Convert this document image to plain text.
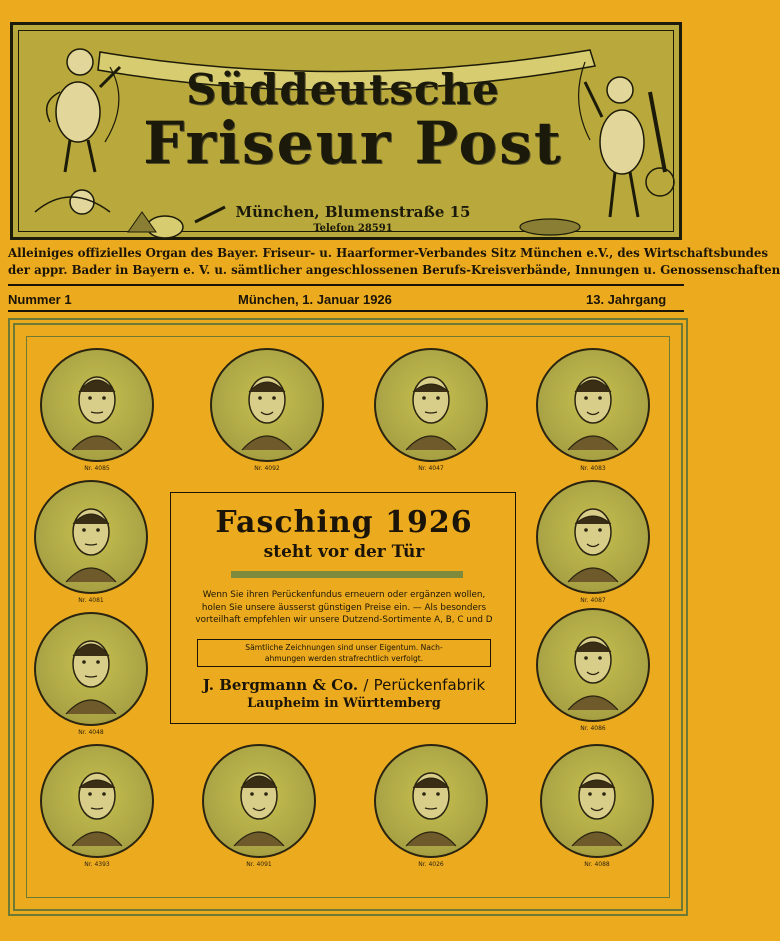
Süddeutsche
Friseur Post
München, Blumenstraße 15
Telefon 28591
Alleiniges offizielles Organ des Bayer. Friseur- u. Haarformer-Verbandes Sitz München e.V., des Wirtschaftsbundes
der appr. Bader in Bayern e. V. u. sämtlicher angeschlossenen Berufs-Kreisverbände, Innungen u. Genossenschaften
Nummer 1	München, 1. Januar 1926	13. Jahrgang
Nr. 4085	Nr. 4092	Nr. 4047	Nr. 4083
Nr. 4081	Nr. 4087
Nr. 4048
Nr. 4086
Nr. 4393	Nr. 4091	Nr. 4026	Nr. 4088
Fasching 1926
steht vor der Tür
Wenn Sie ihren Perückenfundus erneuern oder ergänzen wollen,
holen Sie unsere äusserst günstigen Preise ein. — Als besonders
vorteilhaft empfehlen wir unsere Dutzend-Sortimente A, B, C und D
Sämtliche Zeichnungen sind unser Eigentum. Nach-
ahmungen werden strafrechtlich verfolgt.
J. Bergmann & Co. / Perückenfabrik
Laupheim in Württemberg
